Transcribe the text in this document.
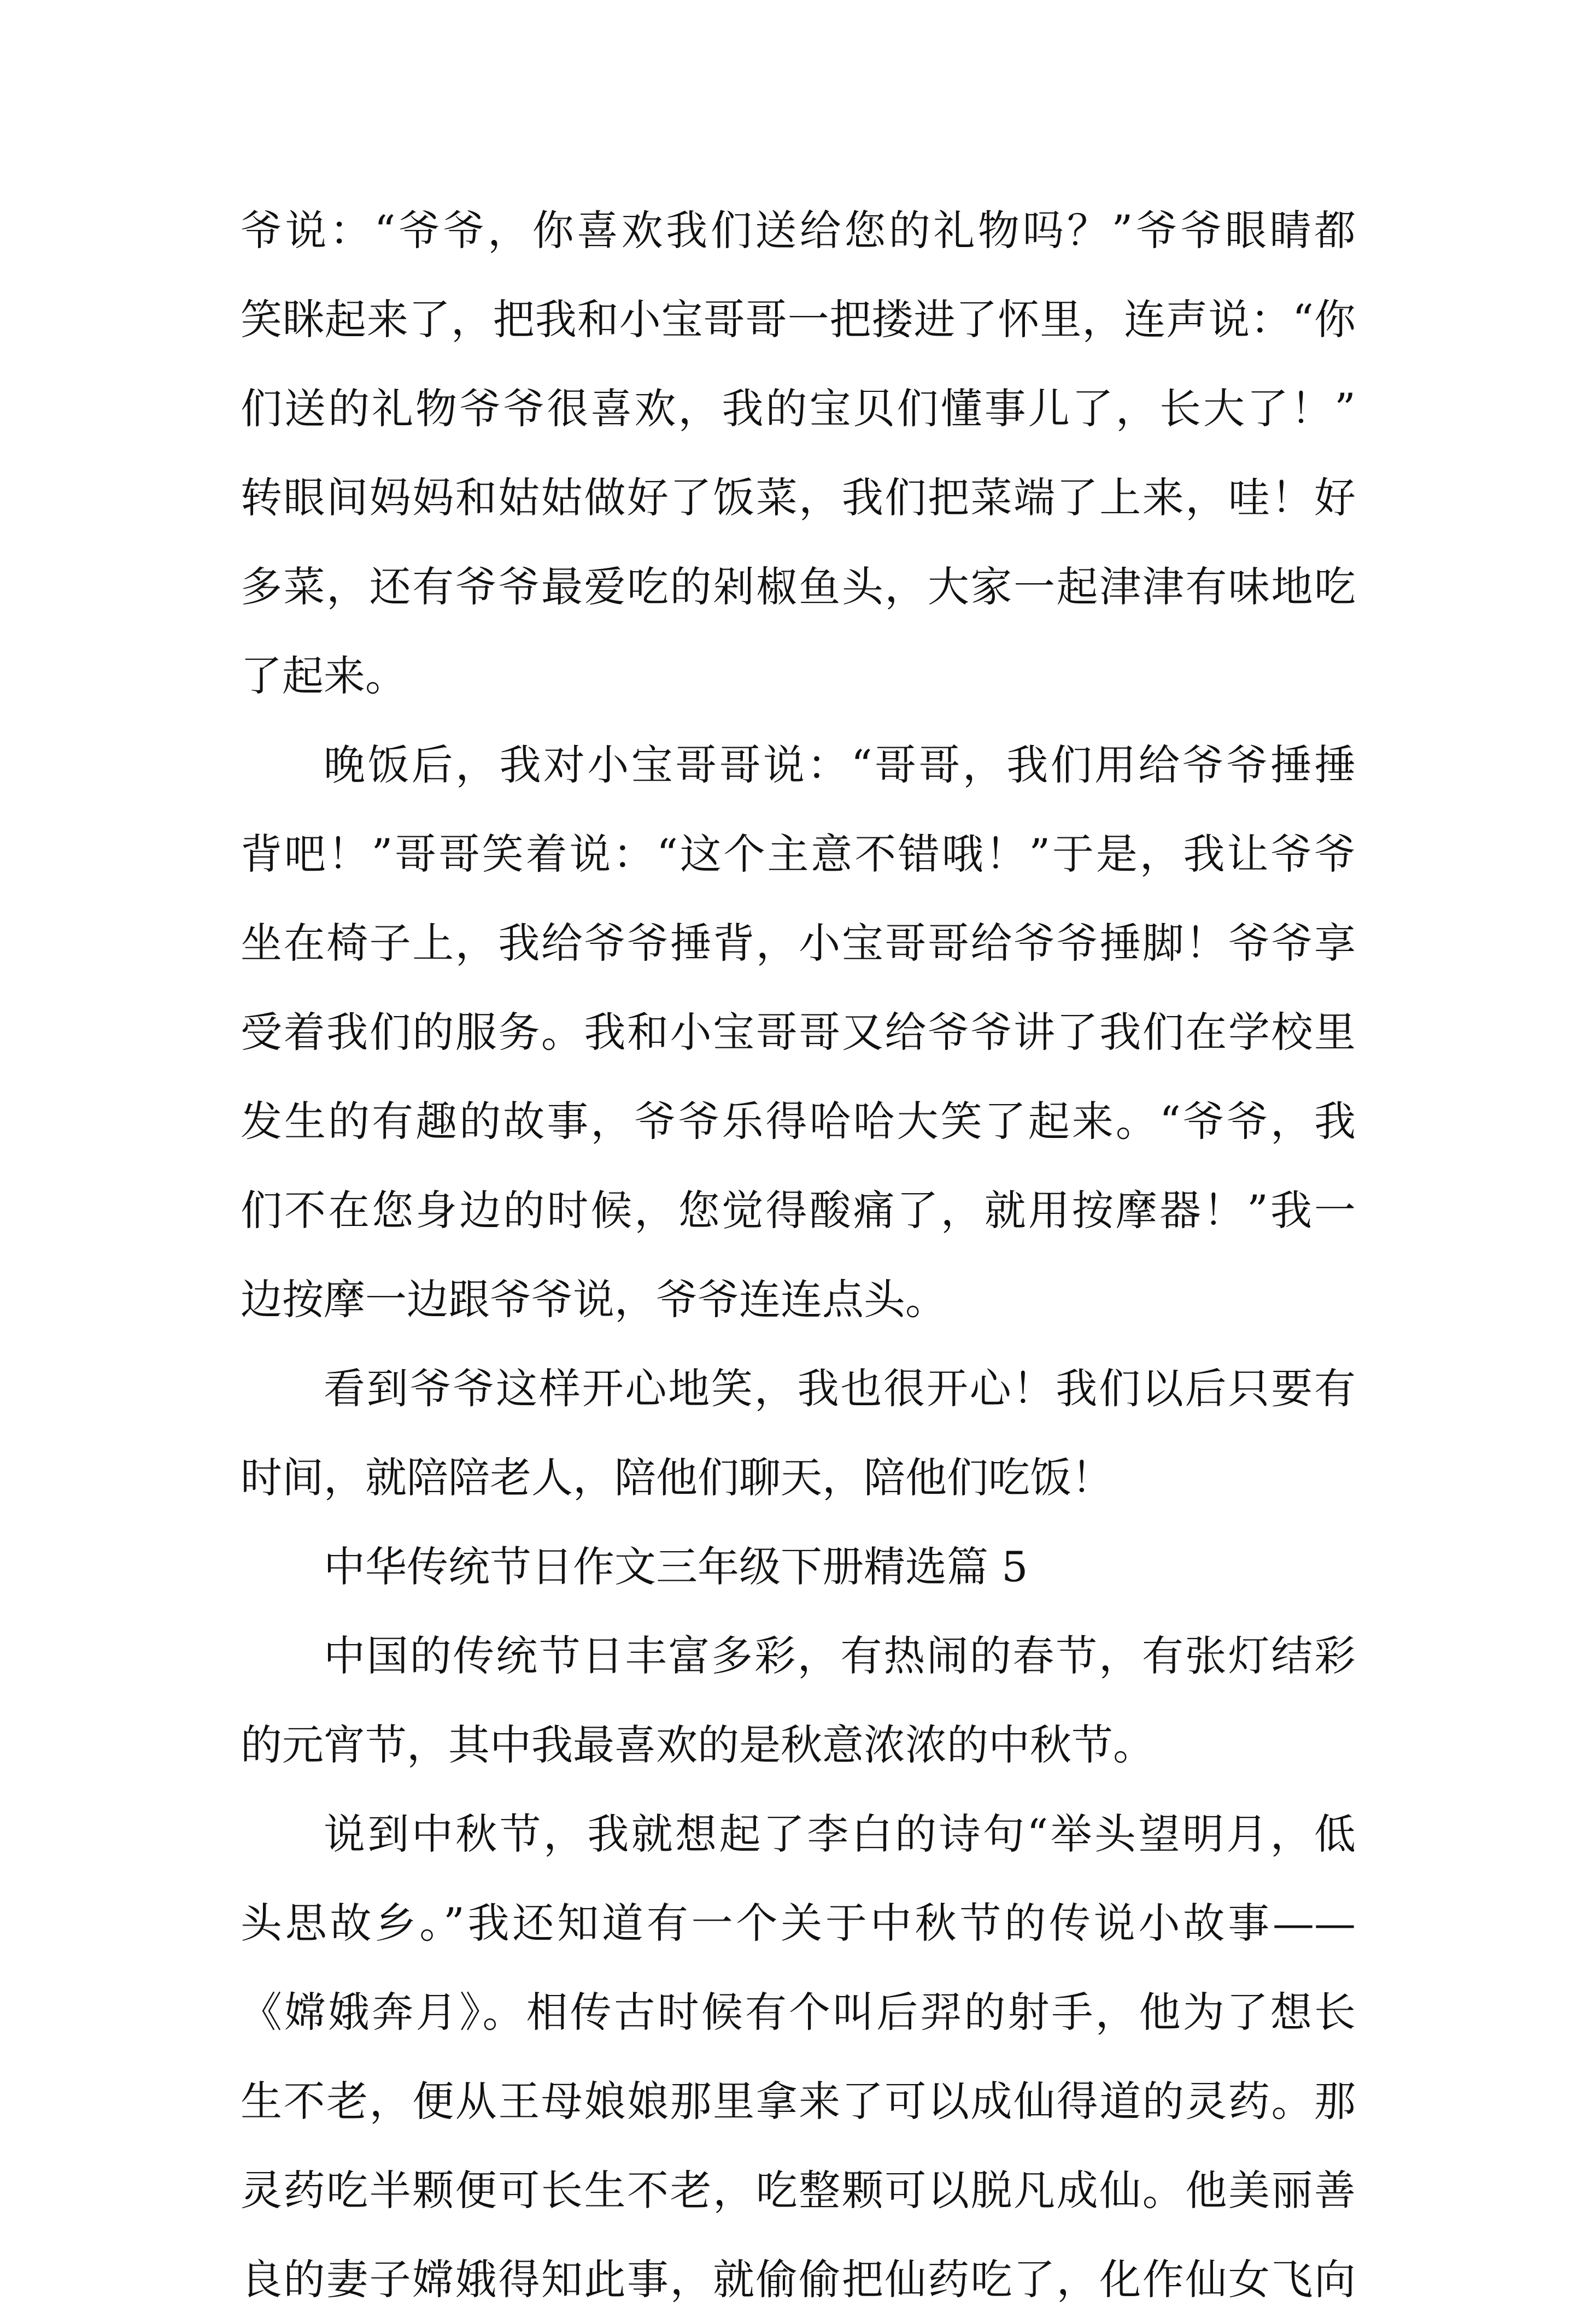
爷说：“爷爷，你喜欢我们送给您的礼物吗？”爷爷眼睛都
笑眯起来了，把我和小宝哥哥一把搂进了怀里，连声说：“你
们送的礼物爷爷很喜欢，我的宝贝们懂事儿了，长大了！”
转眼间妈妈和姑姑做好了饭菜，我们把菜端了上来，哇！好
多菜，还有爷爷最爱吃的剁椒鱼头，大家一起津津有味地吃
了起来。
晚饭后，我对小宝哥哥说：“哥哥，我们用给爷爷捶捶
背吧！”哥哥笑着说：“这个主意不错哦！”于是，我让爷爷
坐在椅子上，我给爷爷捶背，小宝哥哥给爷爷捶脚！爷爷享
受着我们的服务。我和小宝哥哥又给爷爷讲了我们在学校里
发生的有趣的故事，爷爷乐得哈哈大笑了起来。“爷爷，我
们不在您身边的时候，您觉得酸痛了，就用按摩器！”我一
边按摩一边跟爷爷说，爷爷连连点头。
看到爷爷这样开心地笑，我也很开心！我们以后只要有
时间，就陪陪老人，陪他们聊天，陪他们吃饭！
中华传统节日作文三年级下册精选篇 5
中国的传统节日丰富多彩，有热闹的春节，有张灯结彩
的元宵节，其中我最喜欢的是秋意浓浓的中秋节。
说到中秋节，我就想起了李白的诗句“举头望明月，低
头思故乡。”我还知道有一个关于中秋节的传说小故事——
《嫦娥奔月》。相传古时候有个叫后羿的射手，他为了想长
生不老，便从王母娘娘那里拿来了可以成仙得道的灵药。那
灵药吃半颗便可长生不老，吃整颗可以脱凡成仙。他美丽善
良的妻子嫦娥得知此事，就偷偷把仙药吃了，化作仙女飞向
